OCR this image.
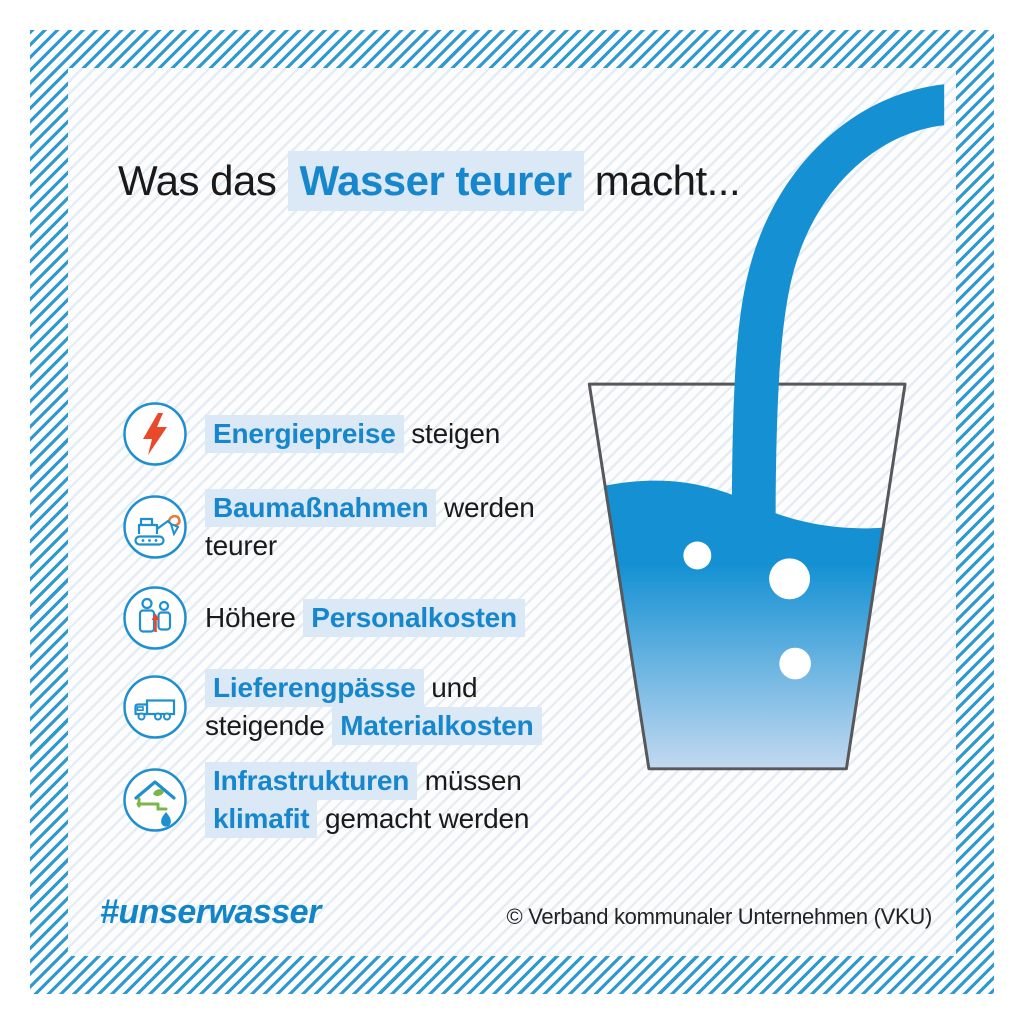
Was das Wasser teurer macht...
Energiepreise steigen
Baumaßnahmen werden
teurer
Höhere Personalkosten
Lieferengpässe und
steigende Materialkosten
Infrastrukturen müssen
klimafit gemacht werden
#unserwasser	© Verband kommunaler Unternehmen (VKU)
